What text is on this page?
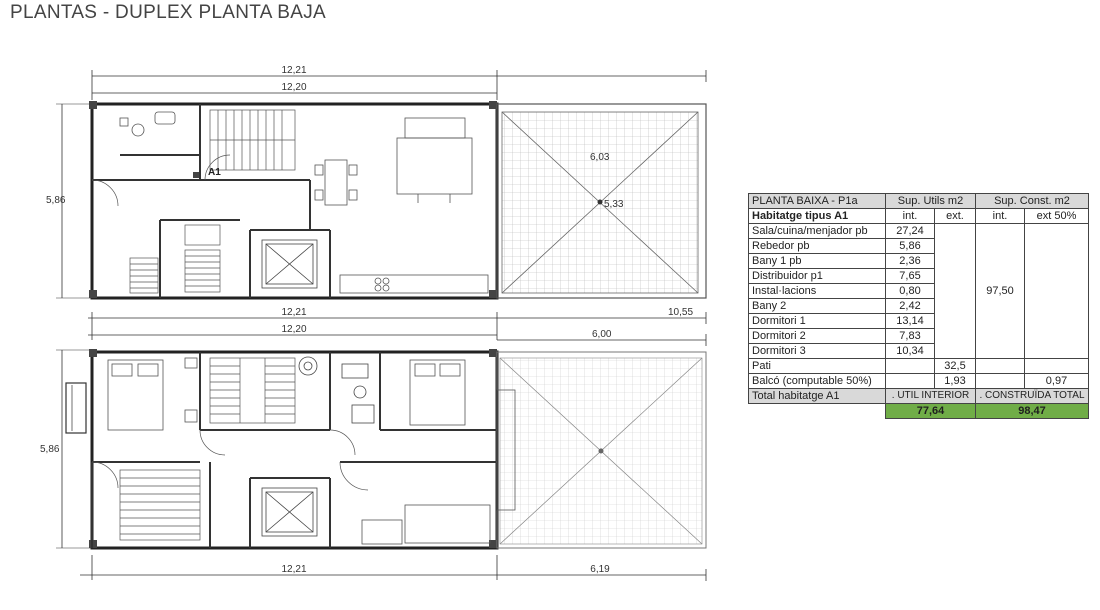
PLANTAS - DUPLEX PLANTA BAJA
12,21
12,20
5,86
A1
6,03
5,33
12,21
12,20
10,55
6,00
5,86
12,21	6,19
PLANTA BAIXA - P1a	Sup. Utils m2		Sup. Const. m2	
Habitatge tipus A1	int.	ext.	int.	ext 50%
Sala/cuina/menjador pb	27,24		97,50	
Rebedor pb	5,86			
Bany 1 pb	2,36			
Distribuidor p1	7,65			
Instal·lacions	0,80			
Bany 2	2,42			
Dormitori 1	13,14			
Dormitori 2	7,83			
Dormitori 3	10,34			
Pati		32,5		
Balcó (computable 50%)		1,93		0,97
Total habitatge A1	. UTIL INTERIOR		. CONSTRUÏDA TOTAL	
	77,64		98,47	
